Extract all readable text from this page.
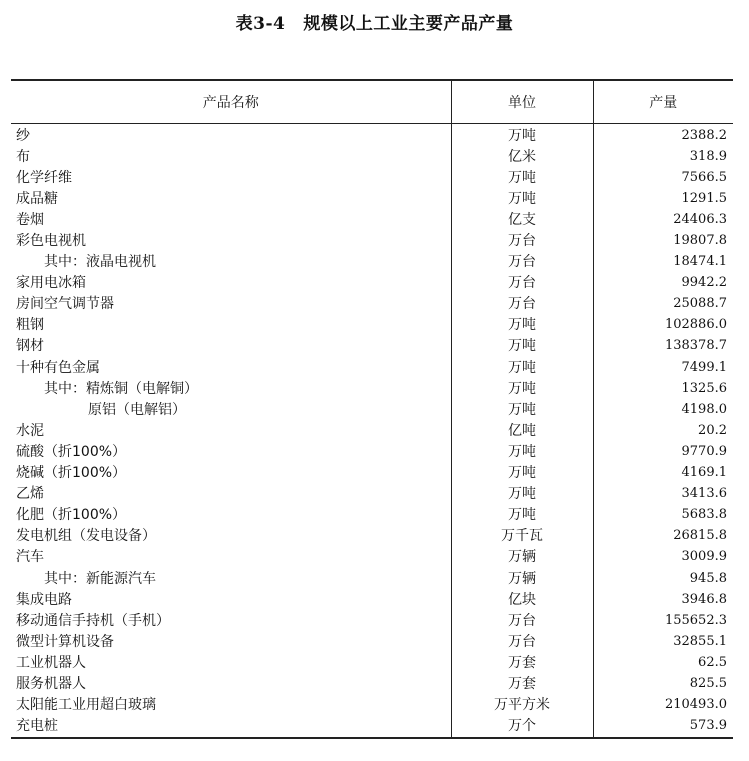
表3-4 规模以上工业主要产品产量
产品名称	单位	产量
纱	万吨	2388.2
布	亿米	318.9
化学纤维	万吨	7566.5
成品糖	万吨	1291.5
卷烟	亿支	24406.3
彩色电视机	万台	19807.8
其中：液晶电视机	万台	18474.1
家用电冰箱	万台	9942.2
房间空气调节器	万台	25088.7
粗钢	万吨	102886.0
钢材	万吨	138378.7
十种有色金属	万吨	7499.1
其中：精炼铜（电解铜）	万吨	1325.6
原铝（电解铝）	万吨	4198.0
水泥	亿吨	20.2
硫酸（折100%）	万吨	9770.9
烧碱（折100%）	万吨	4169.1
乙烯	万吨	3413.6
化肥（折100%）	万吨	5683.8
发电机组（发电设备）	万千瓦	26815.8
汽车	万辆	3009.9
其中：新能源汽车	万辆	945.8
集成电路	亿块	3946.8
移动通信手持机（手机）	万台	155652.3
微型计算机设备	万台	32855.1
工业机器人	万套	62.5
服务机器人	万套	825.5
太阳能工业用超白玻璃	万平方米	210493.0
充电桩	万个	573.9
